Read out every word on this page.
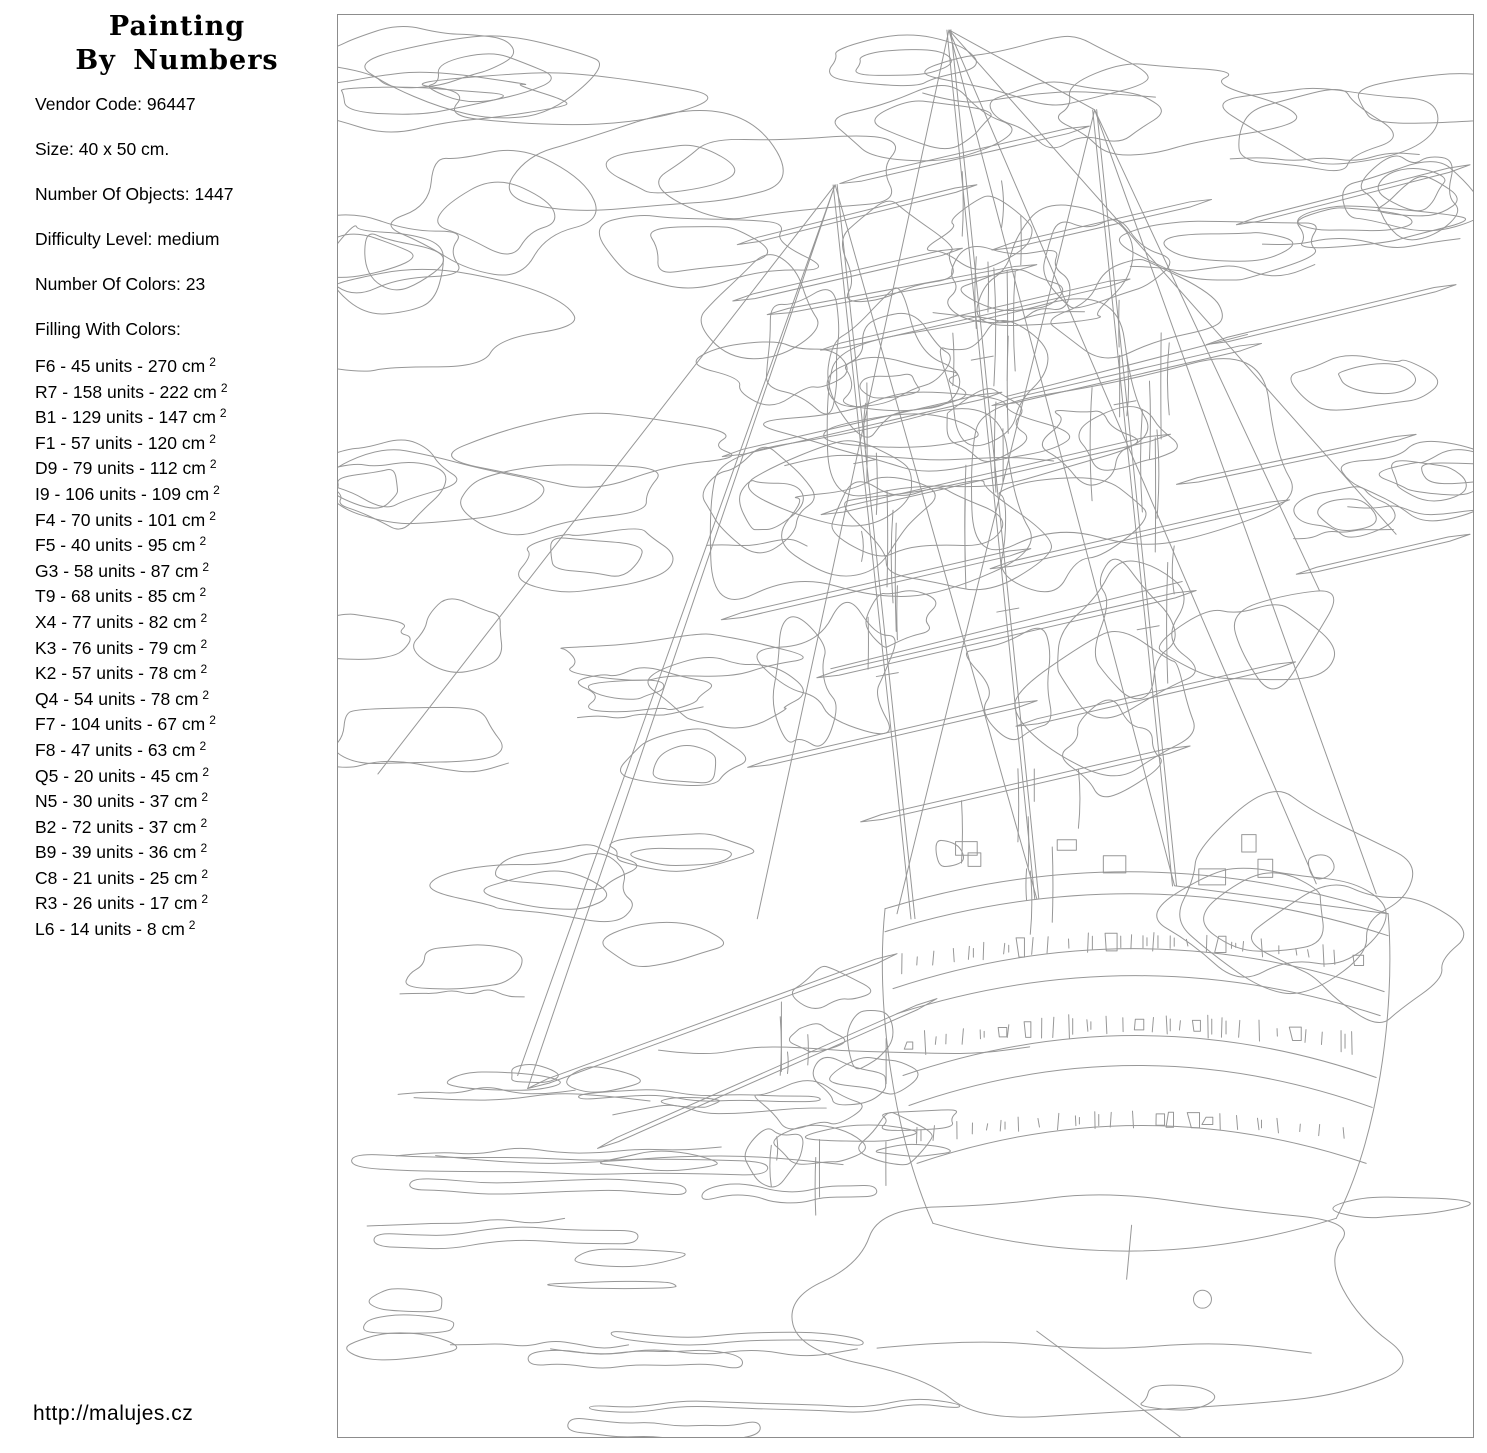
Painting
By Numbers

Vendor Code: 96447

Size: 40 x 50 cm.

Number Of Objects: 1447

Difficulty Level: medium

Number Of Colors: 23

Filling With Colors:

F6 - 45 units - 270 cm $^2$
R7 - 158 units - 222 cm $^2$
B1 - 129 units - 147 cm $^2$
F1 - 57 units - 120 cm $^2$
D9 - 79 units - 112 cm $^2$
I9 - 106 units - 109 cm $^2$
F4 - 70 units - 101 cm $^2$
F5 - 40 units - 95 cm $^2$
G3 - 58 units - 87 cm $^2$
T9 - 68 units - 85 cm $^2$
X4 - 77 units - 82 cm $^2$
K3 - 76 units - 79 cm $^2$
K2 - 57 units - 78 cm $^2$
Q4 - 54 units - 78 cm $^2$
F7 - 104 units - 67 cm $^2$
F8 - 47 units - 63 cm $^2$
Q5 - 20 units - 45 cm $^2$
N5 - 30 units - 37 cm $^2$
B2 - 72 units - 37 cm $^2$
B9 - 39 units - 36 cm $^2$
C8 - 21 units - 25 cm $^2$
R3 - 26 units - 17 cm $^2$
L6 - 14 units - 8 cm $^2$
http://malujes.cz
